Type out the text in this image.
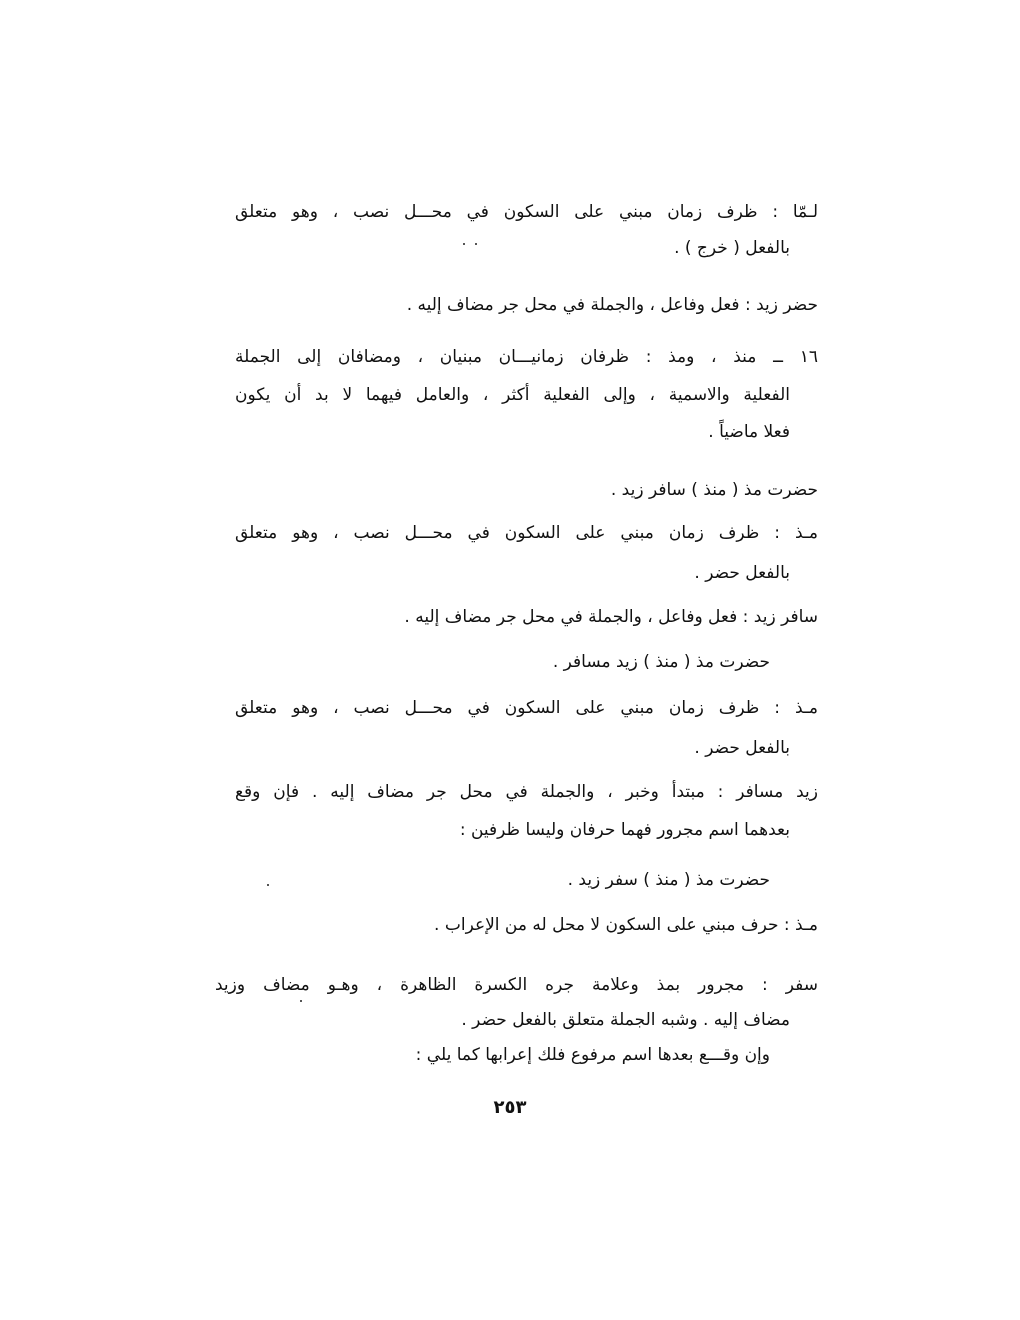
لـمّا : ظرف زمان مبني على السكون في محـــل نصب ، وهو متعلق
بالفعل ( خرج ) .
حضر زيد : فعل وفاعل ، والجملة في محل جر مضاف إليه .
١٦ ــ منذ ، ومذ : ظرفان زمانيـــان مبنيان ، ومضافان إلى الجملة
الفعلية والاسمية ، وإلى الفعلية أكثر ، والعامل فيهما لا بد أن يكون
فعلا ماضياً .
حضرت مذ ( منذ ) سافر زيد .
مـذ : ظرف زمان مبني على السكون في محـــل نصب ، وهو متعلق
بالفعل حضر .
سافر زيد : فعل وفاعل ، والجملة في محل جر مضاف إليه .
حضرت مذ ( منذ ) زيد مسافر .
مـذ : ظرف زمان مبني على السكون في محـــل نصب ، وهو متعلق
بالفعل حضر .
زيد مسافر : مبتدأ وخبر ، والجملة في محل جر مضاف إليه . فإن وقع
بعدهما اسم مجرور فهما حرفان وليسا ظرفين :
حضرت مذ ( منذ ) سفر زيد .
مـذ : حرف مبني على السكون لا محل له من الإعراب .
سفر : مجرور بمذ وعلامة جره الكسرة الظاهرة ، وهـو مضاف وزيد
مضاف إليه . وشبه الجملة متعلق بالفعل حضر .
وإن وقـــع بعدها اسم مرفوع فلك إعرابها كما يلي :
٢٥٣
